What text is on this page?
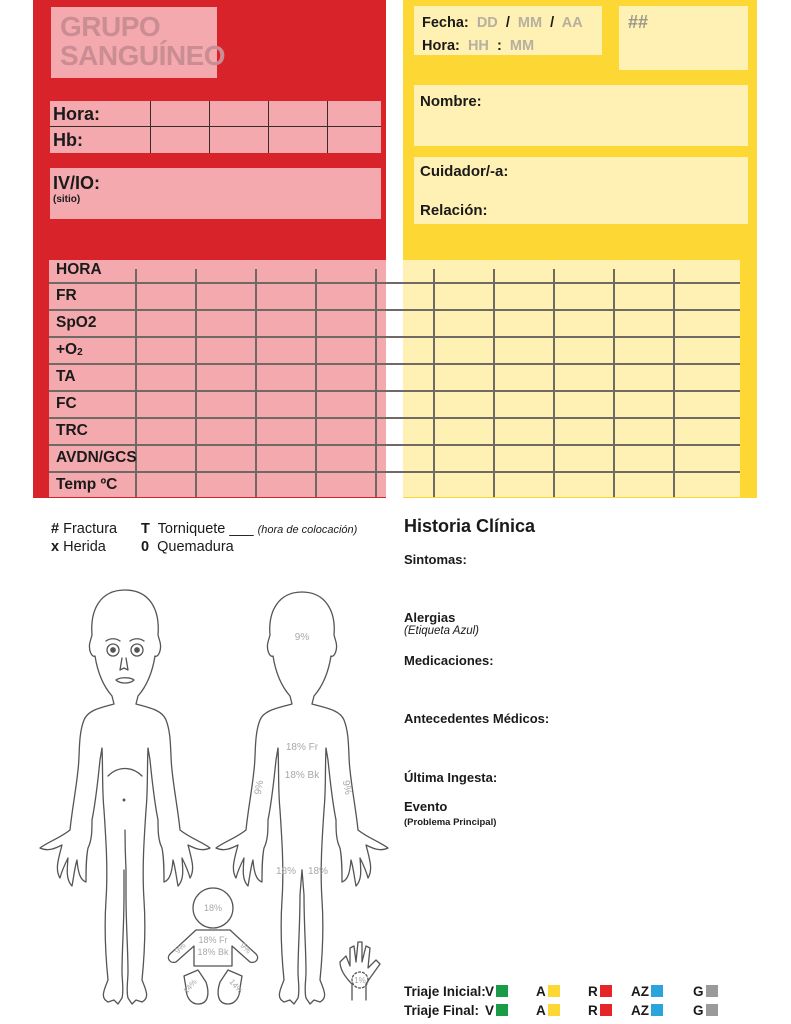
GRUPO
SANGUÍNEO
Hora:
Hb:
IV/IO:
(sitio)
Fecha: DD / MM / AA
Hora: HH : MM
##
Nombre:
Cuidador/-a:
Relación:
HORA
FR
SpO2
$+O_2$
TA
FC
TRC
AVDN/GCS
Temp ºC
# Fractura
x Herida
T Torniquete ___ (hora de colocación)
0 Quemadura
9%
18% Fr
18% Bk
9%	9%
18% 18%
18%
18% Fr
18% Bk
9%	9%
14%	14%	1%
Historia Clínica
Sintomas:
Alergias
(Etiqueta Azul)
Medicaciones:
Antecedentes Médicos:
Última Ingesta:
Evento
(Problema Principal)
Triaje Inicial: V	A	R	AZ	G
Triaje Final: V	A	R	AZ	G
